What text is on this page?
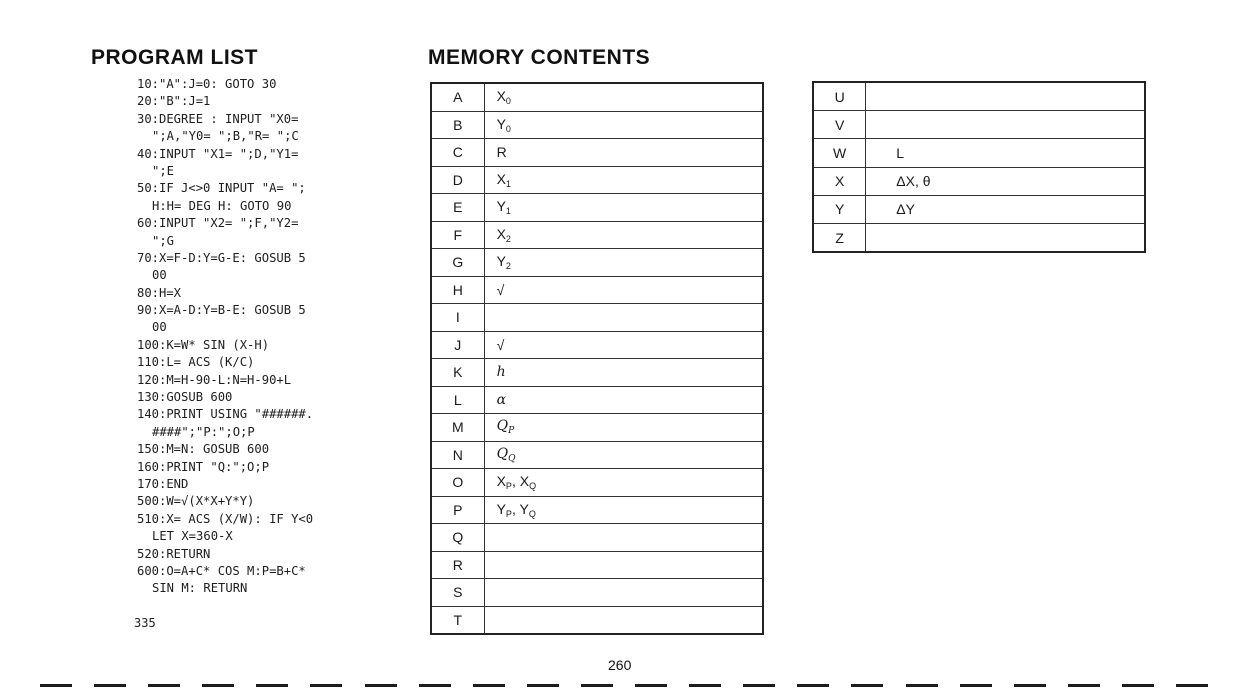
PROGRAM LIST	MEMORY CONTENTS
10:"A":J=0: GOTO 30
20:"B":J=1
30:DEGREE : INPUT "X0=
";A,"Y0= ";B,"R= ";C
40:INPUT "X1= ";D,"Y1=
";E
50:IF J<>0 INPUT "A= ";
H:H= DEG H: GOTO 90
60:INPUT "X2= ";F,"Y2=
";G
70:X=F-D:Y=G-E: GOSUB 5
00
80:H=X
90:X=A-D:Y=B-E: GOSUB 5
00
100:K=W* SIN (X-H)
110:L= ACS (K/C)
120:M=H-90-L:N=H-90+L
130:GOSUB 600
140:PRINT USING "######.
####";"P:";O;P
150:M=N: GOSUB 600
160:PRINT "Q:";O;P
170:END
500:W=√(X*X+Y*Y)
510:X= ACS (X/W): IF Y<0
LET X=360-X
520:RETURN
600:O=A+C* COS M:P=B+C*
SIN M: RETURN
335
A	$X_0$
B	$Y_0$
C	R
D	$X_1$
E	$Y_1$
F	$X_2$
G	$Y_2$
H	√
I	
J	√
K	h
L	α
M	$Q_P$
N	$Q_Q$
O	$X_P$, $X_Q$
P	$Y_P$, $Y_Q$
Q	
R	
S	
T	
U	
V	
W	L
X	ΔX, θ
Y	ΔY
Z	
260
